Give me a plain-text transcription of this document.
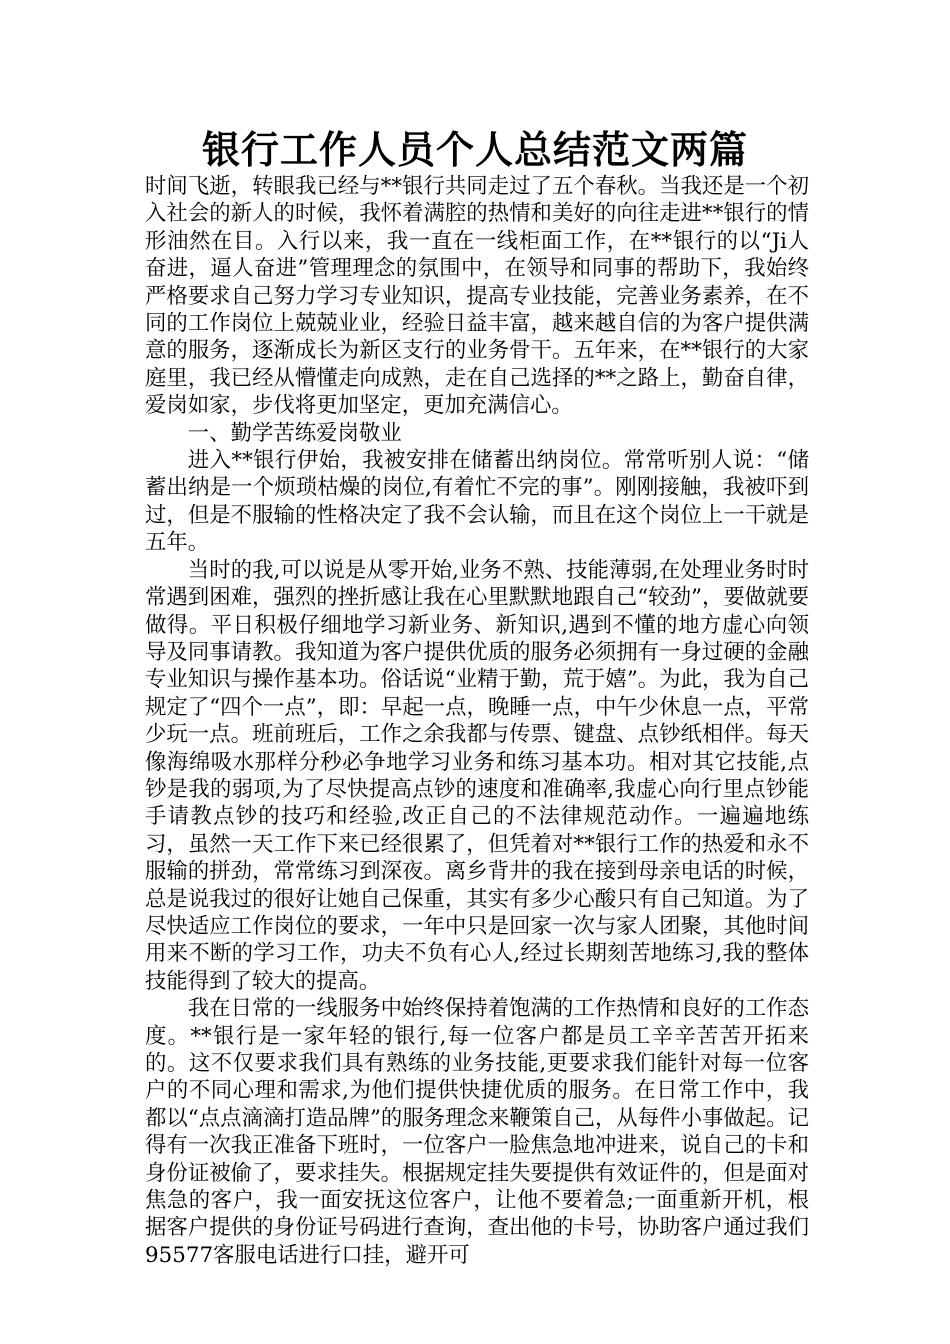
银行工作人员个人总结范文两篇

时间飞逝，转眼我已经与**银行共同走过了五个春秋。当我还是一个初入社会的新人的时候，我怀着满腔的热情和美好的向往走进**银行的情形油然在目。入行以来，我一直在一线柜面工作，在**银行的以“Ji人奋进，逼人奋进”管理理念的氛围中，在领导和同事的帮助下，我始终严格要求自己努力学习专业知识，提高专业技能，完善业务素养，在不同的工作岗位上兢兢业业，经验日益丰富，越来越自信的为客户提供满意的服务，逐渐成长为新区支行的业务骨干。五年来，在**银行的大家庭里，我已经从懵懂走向成熟，走在自己选择的**之路上，勤奋自律，爱岗如家，步伐将更加坚定，更加充满信心。

一、勤学苦练爱岗敬业

进入**银行伊始，我被安排在储蓄出纳岗位。常常听别人说：“储蓄出纳是一个烦琐枯燥的岗位,有着忙不完的事”。刚刚接触，我被吓到过，但是不服输的性格决定了我不会认输，而且在这个岗位上一干就是五年。

当时的我,可以说是从零开始,业务不熟、技能薄弱,在处理业务时时常遇到困难，强烈的挫折感让我在心里默默地跟自己“较劲”，要做就要做得。平日积极仔细地学习新业务、新知识,遇到不懂的地方虚心向领导及同事请教。我知道为客户提供优质的服务必须拥有一身过硬的金融专业知识与操作基本功。俗话说“业精于勤，荒于嬉”。为此，我为自己规定了“四个一点”，即：早起一点，晚睡一点，中午少休息一点，平常少玩一点。班前班后，工作之余我都与传票、键盘、点钞纸相伴。每天像海绵吸水那样分秒必争地学习业务和练习基本功。相对其它技能,点钞是我的弱项,为了尽快提高点钞的速度和准确率,我虚心向行里点钞能手请教点钞的技巧和经验,改正自己的不法律规范动作。一遍遍地练习，虽然一天工作下来已经很累了，但凭着对**银行工作的热爱和永不服输的拼劲，常常练习到深夜。离乡背井的我在接到母亲电话的时候，总是说我过的很好让她自己保重，其实有多少心酸只有自己知道。为了尽快适应工作岗位的要求，一年中只是回家一次与家人团聚，其他时间用来不断的学习工作，功夫不负有心人,经过长期刻苦地练习,我的整体技能得到了较大的提高。

我在日常的一线服务中始终保持着饱满的工作热情和良好的工作态度。**银行是一家年轻的银行,每一位客户都是员工辛辛苦苦开拓来的。这不仅要求我们具有熟练的业务技能,更要求我们能针对每一位客户的不同心理和需求,为他们提供快捷优质的服务。在日常工作中，我都以“点点滴滴打造品牌”的服务理念来鞭策自己，从每件小事做起。记得有一次我正准备下班时，一位客户一脸焦急地冲进来，说自己的卡和身份证被偷了，要求挂失。根据规定挂失要提供有效证件的，但是面对焦急的客户，我一面安抚这位客户，让他不要着急;一面重新开机，根据客户提供的身份证号码进行查询，查出他的卡号，协助客户通过我们95577客服电话进行口挂，避开可
